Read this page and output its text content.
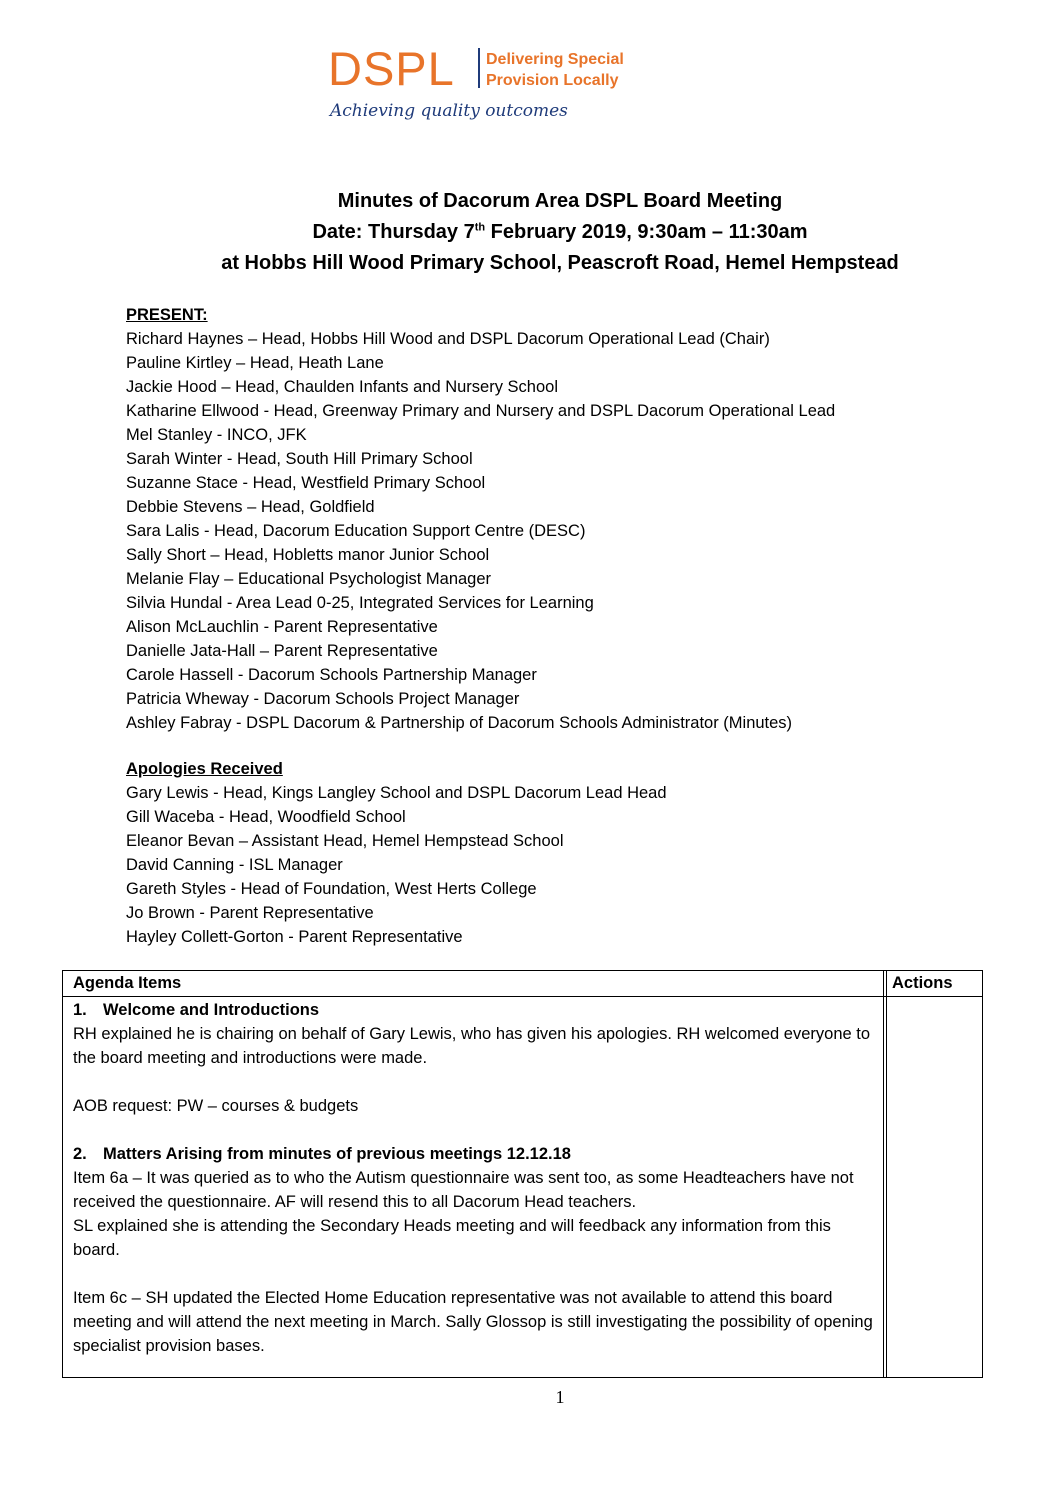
DSPL Delivering Special
Provision Locally
Achieving quality outcomes
Minutes of Dacorum Area DSPL Board Meeting
Date: Thursday 7th February 2019, 9:30am – 11:30am
at Hobbs Hill Wood Primary School, Peascroft Road, Hemel Hempstead
PRESENT:
Richard Haynes – Head, Hobbs Hill Wood and DSPL Dacorum Operational Lead (Chair)
Pauline Kirtley – Head, Heath Lane
Jackie Hood – Head, Chaulden Infants and Nursery School
Katharine Ellwood - Head, Greenway Primary and Nursery and DSPL Dacorum Operational Lead
Mel Stanley - INCO, JFK
Sarah Winter - Head, South Hill Primary School
Suzanne Stace - Head, Westfield Primary School
Debbie Stevens – Head, Goldfield
Sara Lalis - Head, Dacorum Education Support Centre (DESC)
Sally Short – Head, Hobletts manor Junior School
Melanie Flay – Educational Psychologist Manager
Silvia Hundal - Area Lead 0-25, Integrated Services for Learning
Alison McLauchlin - Parent Representative
Danielle Jata-Hall – Parent Representative
Carole Hassell - Dacorum Schools Partnership Manager
Patricia Wheway - Dacorum Schools Project Manager
Ashley Fabray - DSPL Dacorum & Partnership of Dacorum Schools Administrator (Minutes)
Apologies Received
Gary Lewis - Head, Kings Langley School and DSPL Dacorum Lead Head
Gill Waceba - Head, Woodfield School
Eleanor Bevan – Assistant Head, Hemel Hempstead School
David Canning - ISL Manager
Gareth Styles - Head of Foundation, West Herts College
Jo Brown - Parent Representative
Hayley Collett-Gorton - Parent Representative
Agenda Items	Actions

1. Welcome and Introductions

RH explained he is chairing on behalf of Gary Lewis, who has given his apologies. RH welcomed everyone to the board meeting and introductions were made.

AOB request: PW – courses & budgets

2. Matters Arising from minutes of previous meetings 12.12.18

Item 6a – It was queried as to who the Autism questionnaire was sent too, as some Headteachers have not received the questionnaire. AF will resend this to all Dacorum Head teachers.

SL explained she is attending the Secondary Heads meeting and will feedback any information from this board.

Item 6c – SH updated the Elected Home Education representative was not available to attend this board meeting and will attend the next meeting in March. Sally Glossop is still investigating the possibility of opening specialist provision bases.

1
